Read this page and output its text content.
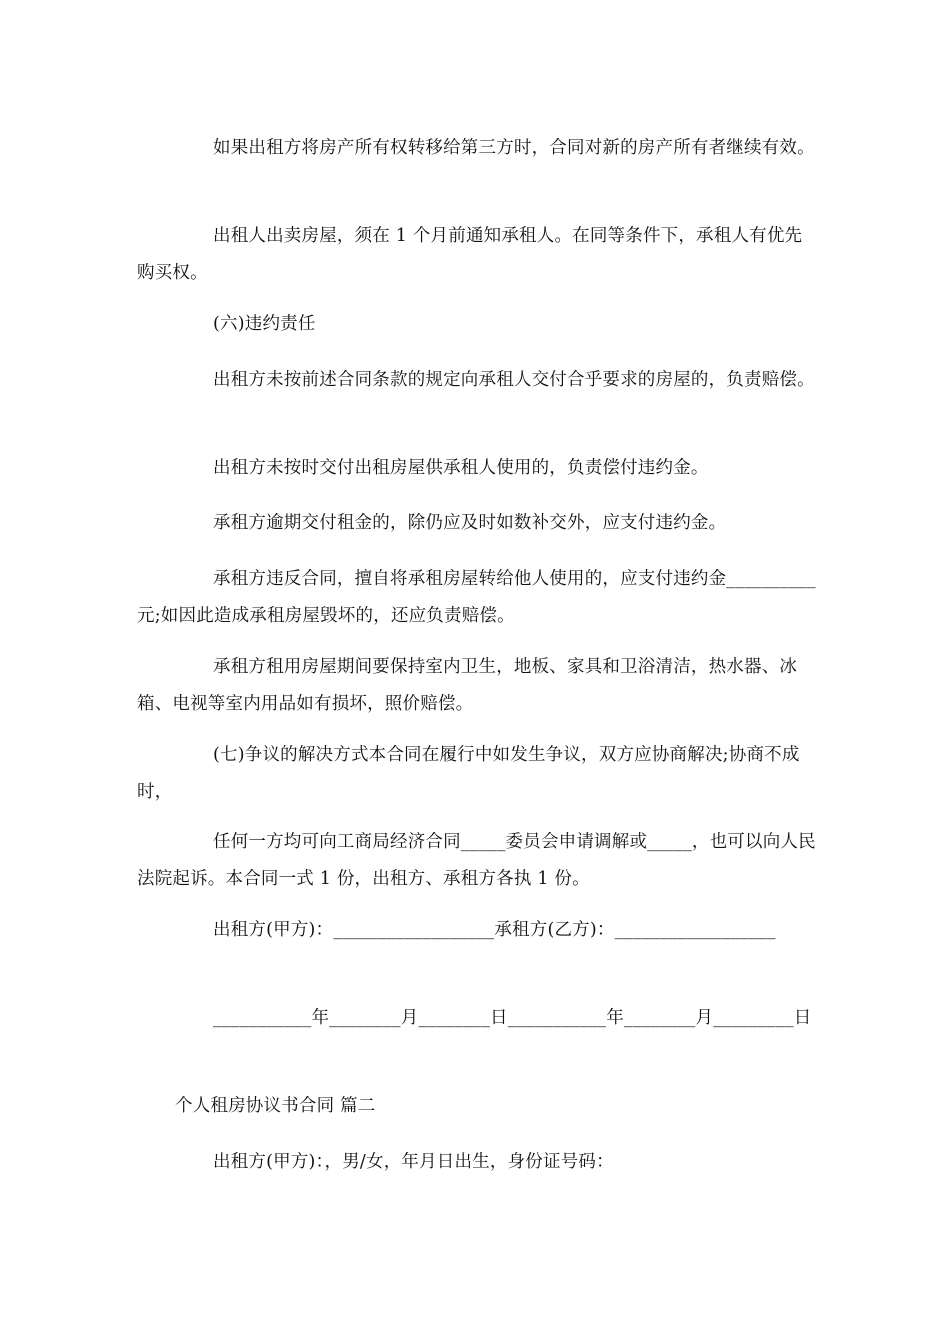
如果出租方将房产所有权转移给第三方时，合同对新的房产所有者继续有效。

出租人出卖房屋，须在 1 个月前通知承租人。在同等条件下，承租人有优先购买权。

(六)违约责任

出租方未按前述合同条款的规定向承租人交付合乎要求的房屋的，负责赔偿。

出租方未按时交付出租房屋供承租人使用的，负责偿付违约金。

承租方逾期交付租金的，除仍应及时如数补交外，应支付违约金。

承租方违反合同，擅自将承租房屋转给他人使用的，应支付违约金__________元;如因此造成承租房屋毁坏的，还应负责赔偿。

承租方租用房屋期间要保持室内卫生，地板、家具和卫浴清洁，热水器、冰箱、电视等室内用品如有损坏，照价赔偿。

(七)争议的解决方式本合同在履行中如发生争议，双方应协商解决;协商不成时，

任何一方均可向工商局经济合同_____委员会申请调解或_____，也可以向人民法院起诉。本合同一式 1 份，出租方、承租方各执 1 份。

出租方(甲方)：__________________承租方(乙方)：__________________

___________年________月________日___________年________月_________日

个人租房协议书合同 篇二

出租方(甲方)：，男/女，年月日出生，身份证号码：
